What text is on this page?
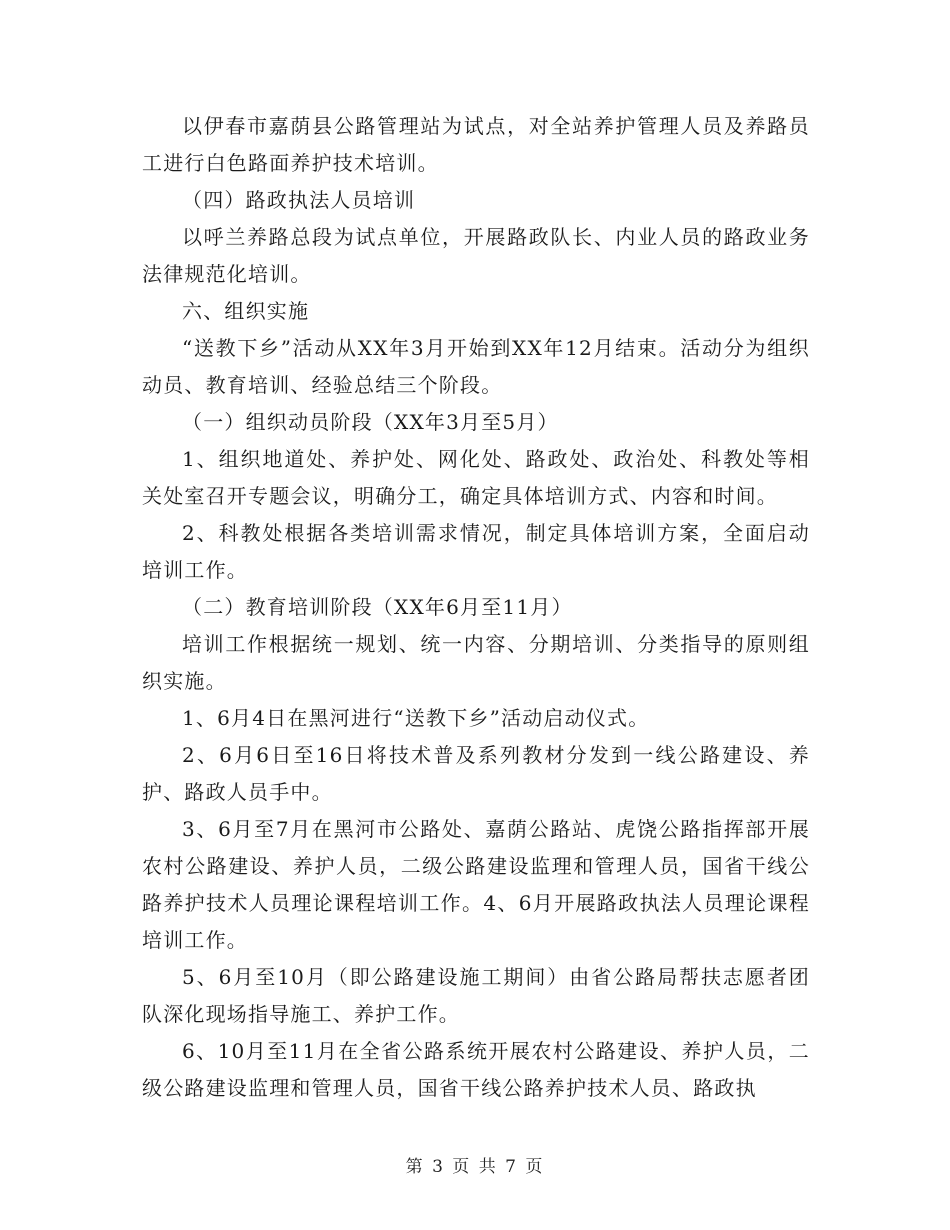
以伊春市嘉荫县公路管理站为试点，对全站养护管理人员及养路员工进行白色路面养护技术培训。

（四）路政执法人员培训

以呼兰养路总段为试点单位，开展路政队长、内业人员的路政业务法律规范化培训。

六、组织实施

“送教下乡”活动从XX年3月开始到XX年12月结束。活动分为组织动员、教育培训、经验总结三个阶段。

（一）组织动员阶段（XX年3月至5月）

1、组织地道处、养护处、网化处、路政处、政治处、科教处等相关处室召开专题会议，明确分工，确定具体培训方式、内容和时间。

2、科教处根据各类培训需求情况，制定具体培训方案，全面启动培训工作。

（二）教育培训阶段（XX年6月至11月）

培训工作根据统一规划、统一内容、分期培训、分类指导的原则组织实施。

1、6月4日在黑河进行“送教下乡”活动启动仪式。

2、6月6日至16日将技术普及系列教材分发到一线公路建设、养护、路政人员手中。

3、6月至7月在黑河市公路处、嘉荫公路站、虎饶公路指挥部开展农村公路建设、养护人员，二级公路建设监理和管理人员，国省干线公路养护技术人员理论课程培训工作。4、6月开展路政执法人员理论课程培训工作。

5、6月至10月（即公路建设施工期间）由省公路局帮扶志愿者团队深化现场指导施工、养护工作。

6、10月至11月在全省公路系统开展农村公路建设、养护人员，二级公路建设监理和管理人员，国省干线公路养护技术人员、路政执

第 3 页 共 7 页
